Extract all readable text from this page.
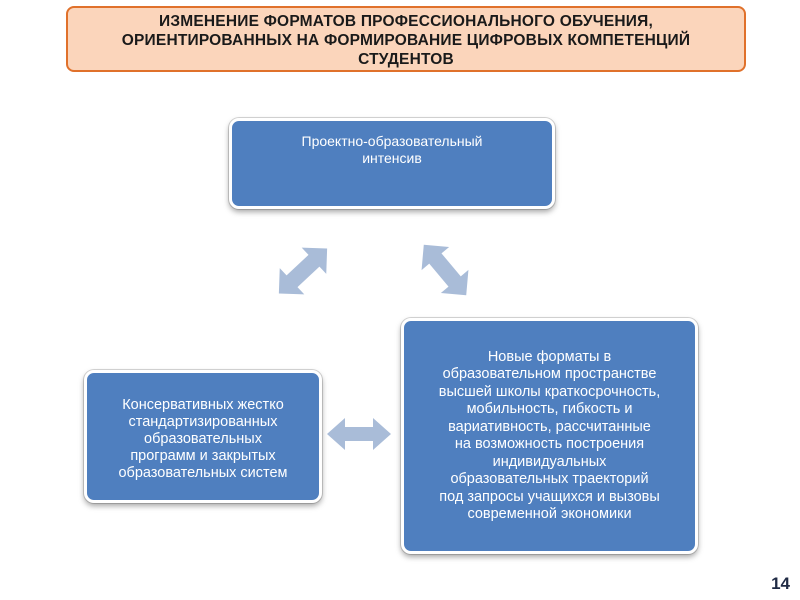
ИЗМЕНЕНИЕ ФОРМАТОВ ПРОФЕССИОНАЛЬНОГО ОБУЧЕНИЯ,
ОРИЕНТИРОВАННЫХ НА ФОРМИРОВАНИЕ ЦИФРОВЫХ КОМПЕТЕНЦИЙ
СТУДЕНТОВ
Проектно-образовательный
интенсив
Консервативных жестко
стандартизированных
образовательных
программ и закрытых
образовательных систем
Новые форматы в
образовательном пространстве
высшей школы краткосрочность,
мобильность, гибкость и
вариативность, рассчитанные
на возможность построения
индивидуальных
образовательных траекторий
под запросы учащихся и вызовы
современной экономики
14
